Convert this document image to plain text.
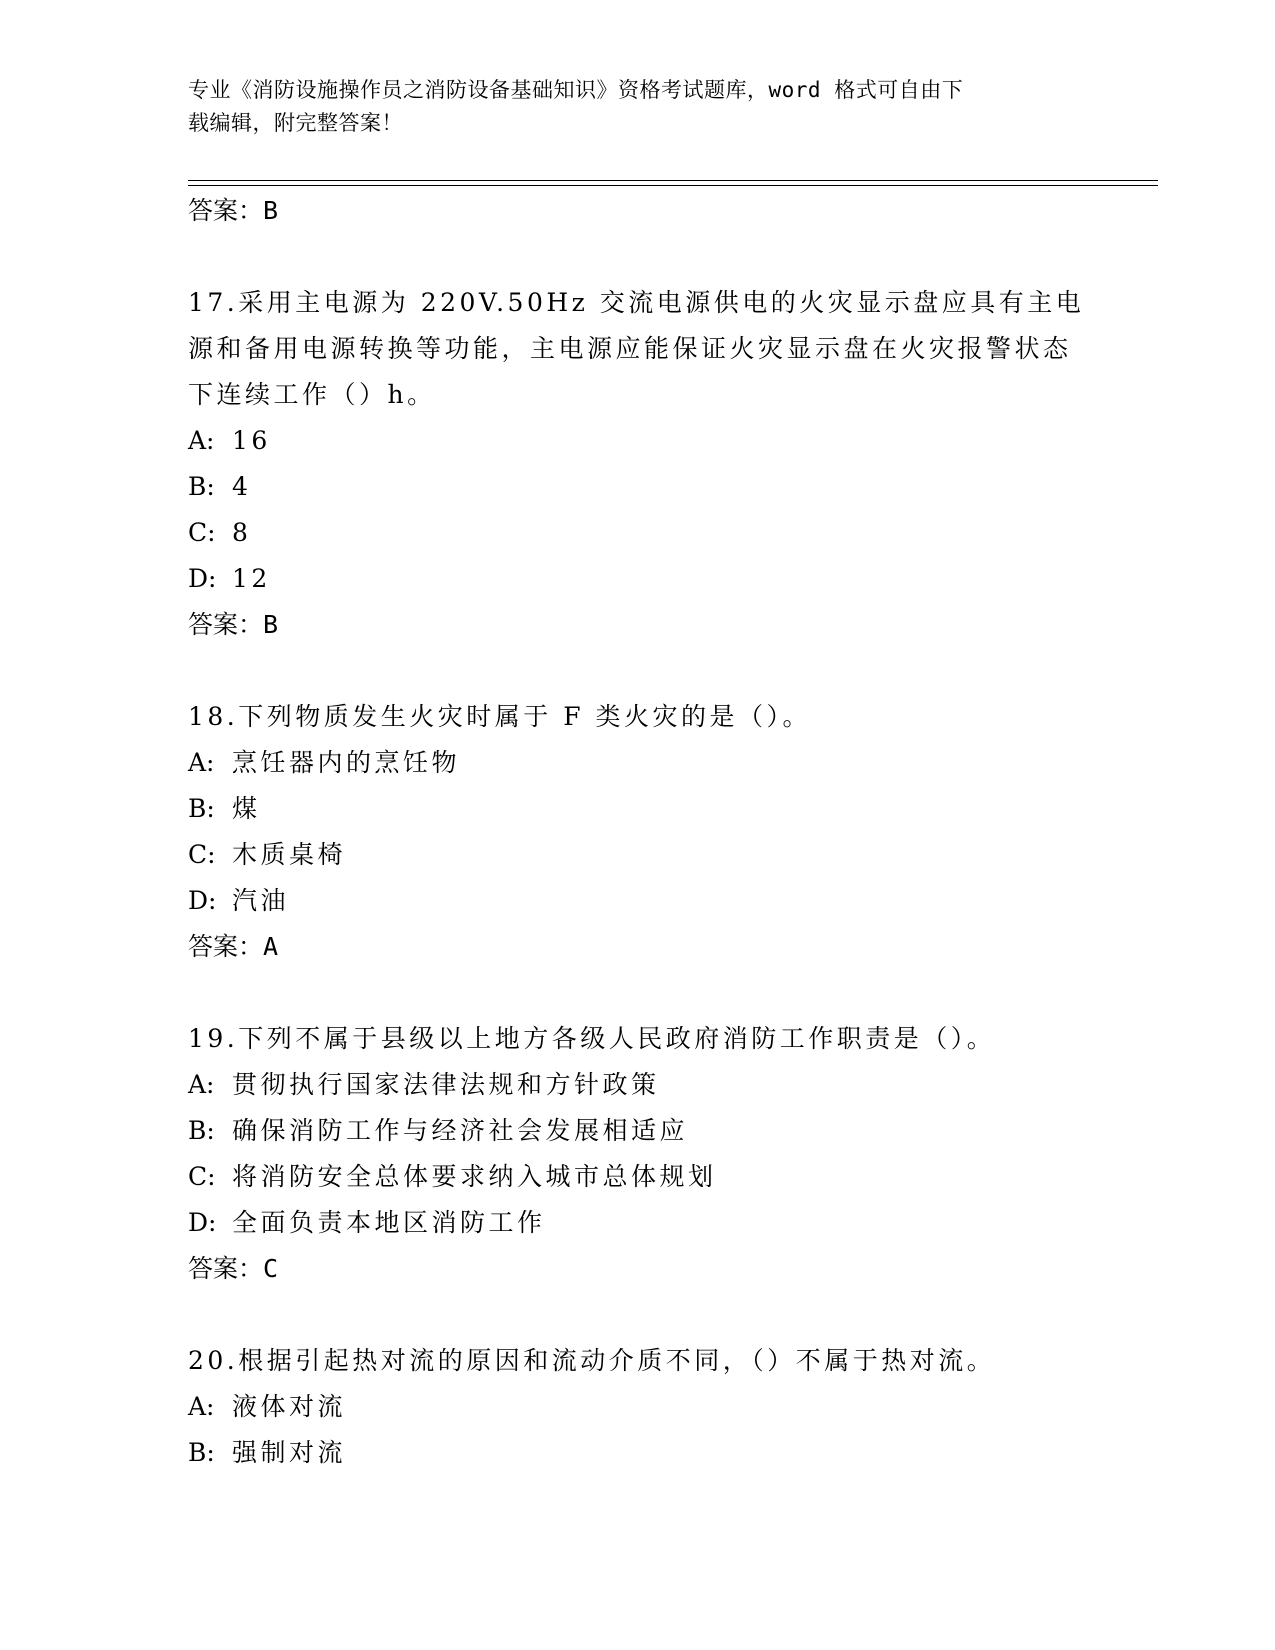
专业《消防设施操作员之消防设备基础知识》资格考试题库，word 格式可自由下
载编辑，附完整答案！
答案：B
17.采用主电源为 220V.50Hz 交流电源供电的火灾显示盘应具有主电源和备用电源转换等功能，主电源应能保证火灾显示盘在火灾报警状态下连续工作（）h。
A: 16
B: 4
C: 8
D: 12
答案：B
18.下列物质发生火灾时属于 F 类火灾的是（）。
A: 烹饪器内的烹饪物
B: 煤
C: 木质桌椅
D: 汽油
答案：A
19.下列不属于县级以上地方各级人民政府消防工作职责是（）。
A: 贯彻执行国家法律法规和方针政策
B: 确保消防工作与经济社会发展相适应
C: 将消防安全总体要求纳入城市总体规划
D: 全面负责本地区消防工作
答案：C
20.根据引起热对流的原因和流动介质不同，（）不属于热对流。
A: 液体对流
B: 强制对流
